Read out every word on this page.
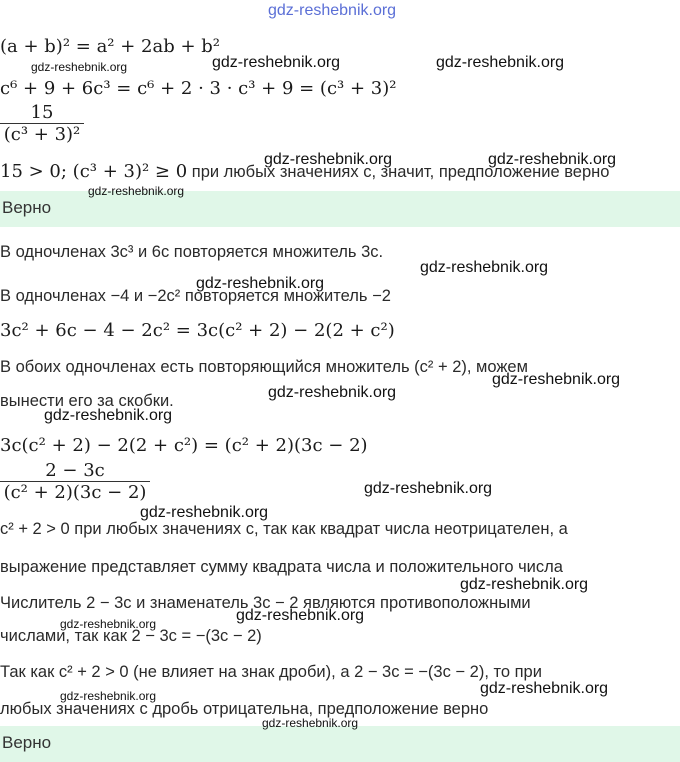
(a + b)² = a² + 2ab + b²
c⁶ + 9 + 6c³ = c⁶ + 2 · 3 · c³ + 9 = (c³ + 3)²
15
(c³ + 3)²
15 > 0; (c³ + 3)² ≥ 0 при любых значениях c, значит, предположение верно
Верно
В одночленах 3c³ и 6c повторяется множитель 3c.
В одночленах −4 и −2c² повторяется множитель −2
3c² + 6c − 4 − 2c² = 3c(c² + 2) − 2(2 + c²)
В обоих одночленах есть повторяющийся множитель (c² + 2), можем
вынести его за скобки.
3c(c² + 2) − 2(2 + c²) = (c² + 2)(3c − 2)
2 − 3c
(c² + 2)(3c − 2)
c² + 2 > 0 при любых значениях c, так как квадрат числа неотрицателен, а
выражение представляет сумму квадрата числа и положительного числа
Числитель 2 − 3c и знаменатель 3c − 2 являются противоположными
числами, так как 2 − 3c = −(3c − 2)
Так как c² + 2 > 0 (не влияет на знак дроби), а 2 − 3c = −(3c − 2), то при
любых значениях c дробь отрицательна, предположение верно
Верно
gdz-reshebnik.org
gdz-reshebnik.org	gdz-reshebnik.org
gdz-reshebnik.org
gdz-reshebnik.org	gdz-reshebnik.org
gdz-reshebnik.org
gdz-reshebnik.org
gdz-reshebnik.org
gdz-reshebnik.org
gdz-reshebnik.org
gdz-reshebnik.org
gdz-reshebnik.org
gdz-reshebnik.org
gdz-reshebnik.org
gdz-reshebnik.org
gdz-reshebnik.org
gdz-reshebnik.org
gdz-reshebnik.org
gdz-reshebnik.org
